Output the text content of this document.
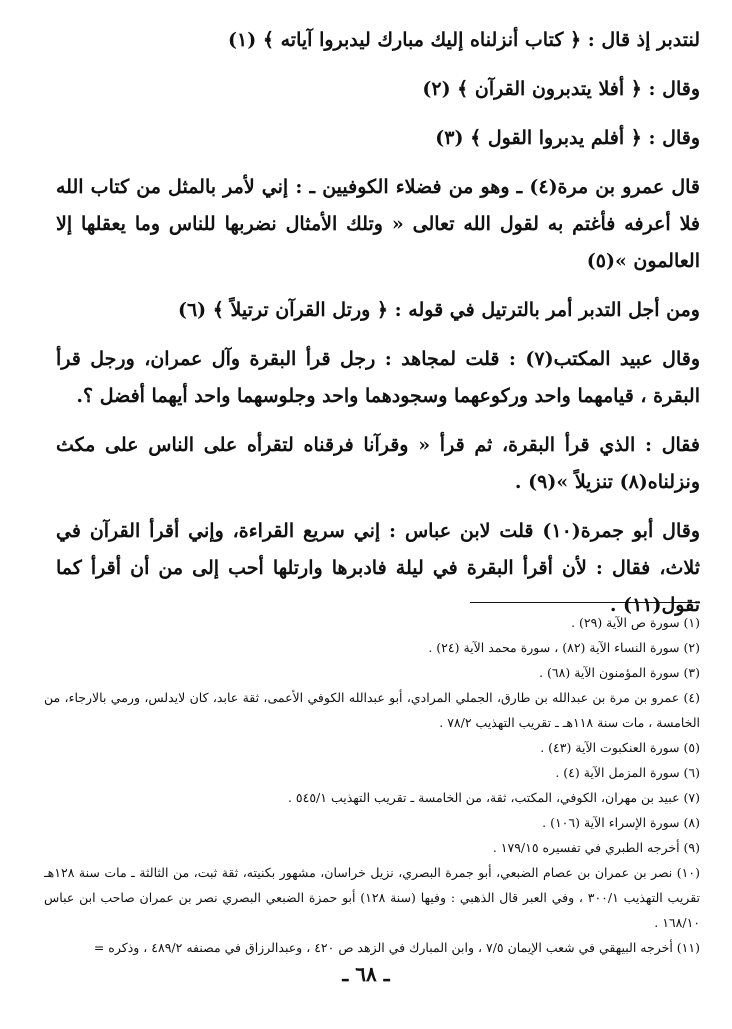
لنتدبر إذ قال : ﴿ كتاب أنزلناه إليك مبارك ليدبروا آياته ﴾ (١)

وقال : ﴿ أفلا يتدبرون القرآن ﴾ (٢)

وقال : ﴿ أفلم يدبروا القول ﴾ (٣)

قال عمرو بن مرة(٤) ـ وهو من فضلاء الكوفيين ـ : إني لأمر بالمثل من كتاب الله فلا أعرفه فأغتم به لقول الله تعالى « وتلك الأمثال نضربها للناس وما يعقلها إلا العالمون »(٥)

ومن أجل التدبر أمر بالترتيل في قوله : ﴿ ورتل القرآن ترتيلاً ﴾ (٦)

وقال عبيد المكتب(٧) : قلت لمجاهد : رجل قرأ البقرة وآل عمران، ورجل قرأ البقرة ، قيامهما واحد وركوعهما وسجودهما واحد وجلوسهما واحد أيهما أفضل ؟.

فقال : الذي قرأ البقرة، ثم قرأ « وقرآنا فرقناه لتقرأه على الناس على مكث ونزلناه(٨) تنزيلاً »(٩) .

وقال أبو جمرة(١٠) قلت لابن عباس : إني سريع القراءة، وإني أقرأ القرآن في ثلاث، فقال : لأن أقرأ البقرة في ليلة فادبرها وارتلها أحب إلى من أن أقرأ كما تقول(١١) .

(١) سورة ص الآية (٢٩) .

(٢) سورة النساء الآية (٨٢) ، سورة محمد الآية (٢٤) .

(٣) سورة المؤمنون الآية (٦٨) .

(٤) عمرو بن مرة بن عبدالله بن طارق، الجملي المرادي، أبو عبدالله الكوفي الأعمى، ثقة عابد، كان لايدلس، ورمي بالارجاء، من الخامسة ، مات سنة ١١٨هـ ـ تقريب التهذيب ٧٨/٢ .

(٥) سورة العنكبوت الآية (٤٣) .

(٦) سورة المزمل الآية (٤) .

(٧) عبيد بن مهران، الكوفي، المكتب، ثقة، من الخامسة ـ تقريب التهذيب ٥٤٥/١ .

(٨) سورة الإسراء الآية (١٠٦) .

(٩) أخرجه الطبري في تفسيره ١٧٩/١٥ .

(١٠) نصر بن عمران بن عصام الضبعي، أبو جمرة البصري، نزيل خراسان، مشهور بكنيته، ثقة ثبت، من الثالثة ـ مات سنة ١٢٨هـ تقريب التهذيب ٣٠٠/١ ، وفي العبر قال الذهبي : وفيها (سنة ١٢٨) أبو حمزة الضبعي البصري نصر بن عمران صاحب ابن عباس ١٦٨/١٠ .

(١١) أخرجه البيهقي في شعب الإيمان ٧/٥ ، وابن المبارك في الزهد ص ٤٢٠ ، وعبدالرزاق في مصنفه ٤٨٩/٢ ، وذكره =

ـ ٦٨ ـ
